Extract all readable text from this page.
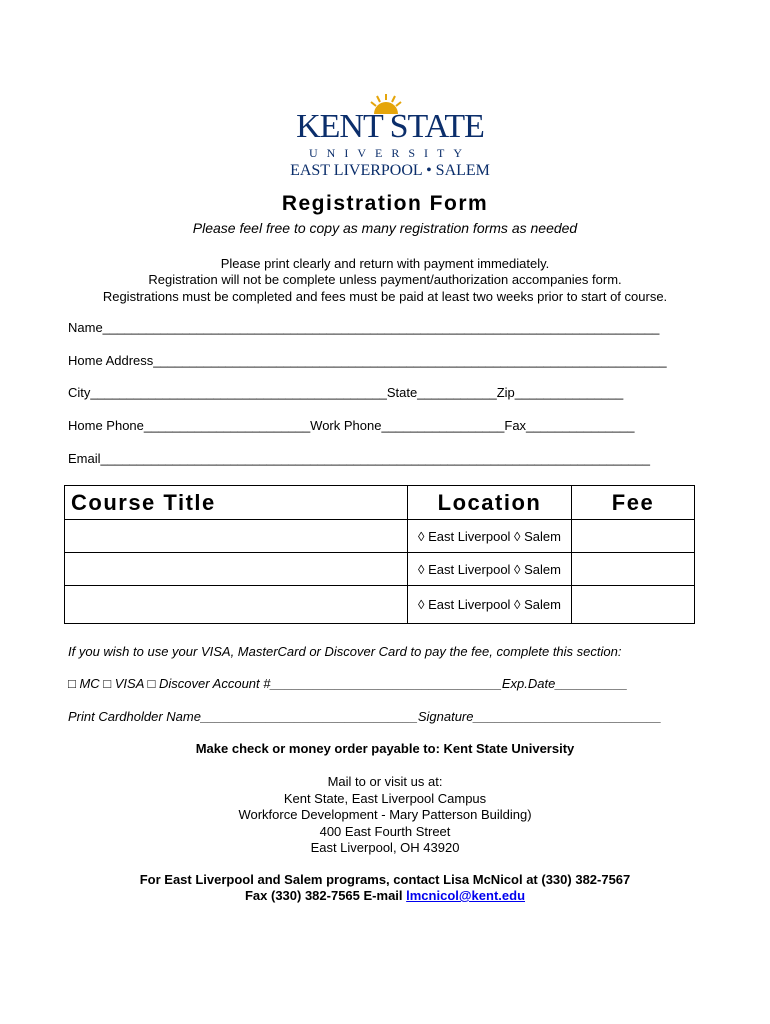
KENT STATE
UNIVERSITY
EAST LIVERPOOL • SALEM
Registration Form
Please feel free to copy as many registration forms as needed
Please print clearly and return with payment immediately.
Registration will not be complete unless payment/authorization accompanies form.
Registrations must be completed and fees must be paid at least two weeks prior to start of course.
Name_____________________________________________________________________________
Home Address_______________________________________________________________________
City_________________________________________State___________Zip_______________
Home Phone_______________________Work Phone_________________Fax_______________
Email____________________________________________________________________________
Course Title	Location	Fee
	◊ East Liverpool ◊ Salem	
	◊ East Liverpool ◊ Salem	
	◊ East Liverpool ◊ Salem	
If you wish to use your VISA, MasterCard or Discover Card to pay the fee, complete this section:
□ MC □ VISA □ Discover Account #________________________________Exp.Date__________
Print Cardholder Name______________________________Signature__________________________
Make check or money order payable to: Kent State University
Mail to or visit us at:
Kent State, East Liverpool Campus
Workforce Development - Mary Patterson Building)
400 East Fourth Street
East Liverpool, OH 43920
For East Liverpool and Salem programs, contact Lisa McNicol at (330) 382-7567
Fax (330) 382-7565 E-mail lmcnicol@kent.edu
